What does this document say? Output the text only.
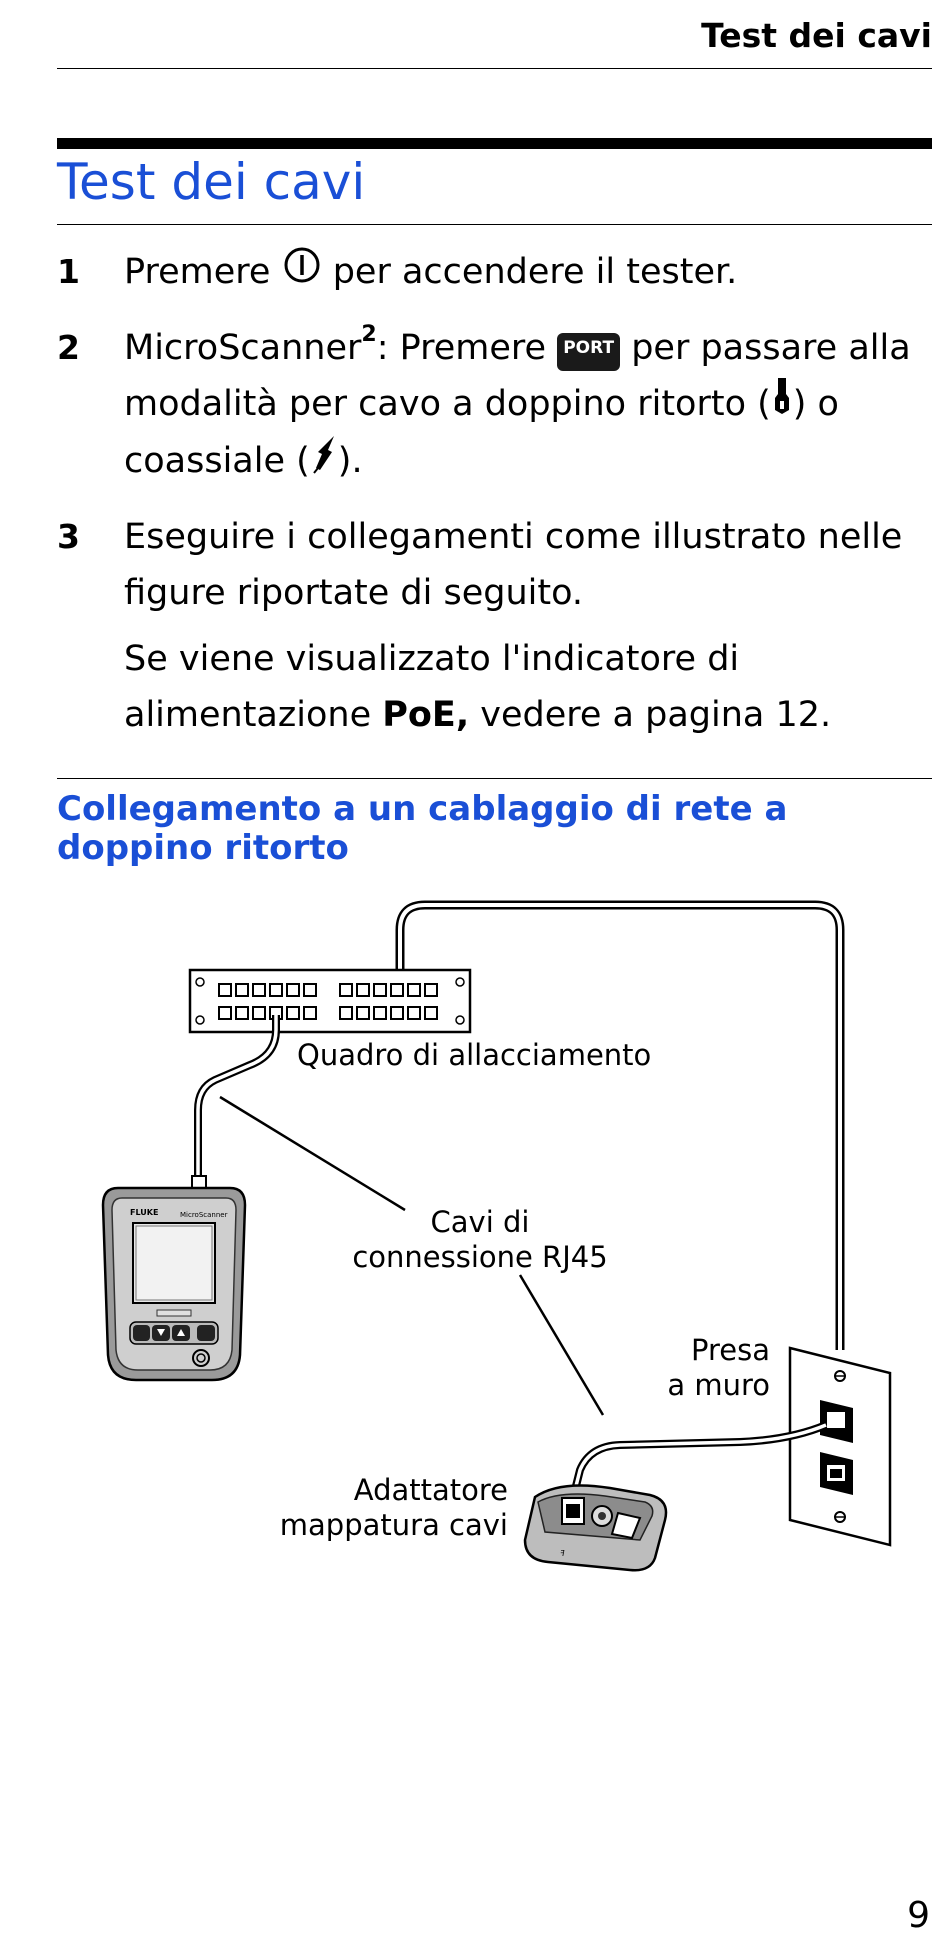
Test dei cavi
Test dei cavi
1 Premere per accendere il tester.
2 MicroScanner$^2$: Premere PORT per passare alla modalità per cavo a doppino ritorto ( ) o coassiale ( ).
3 Eseguire i collegamenti come illustrato nelle figure riportate di seguito.
Se viene visualizzato l'indicatore di alimentazione PoE, vedere a pagina 12.
Collegamento a un cablaggio di rete a doppino ritorto
FLUKE	MicroScanner
ꟻ
Quadro di allacciamento
Cavi di
connessione RJ45
Presa
a muro
Adattatore
mappatura cavi
9
